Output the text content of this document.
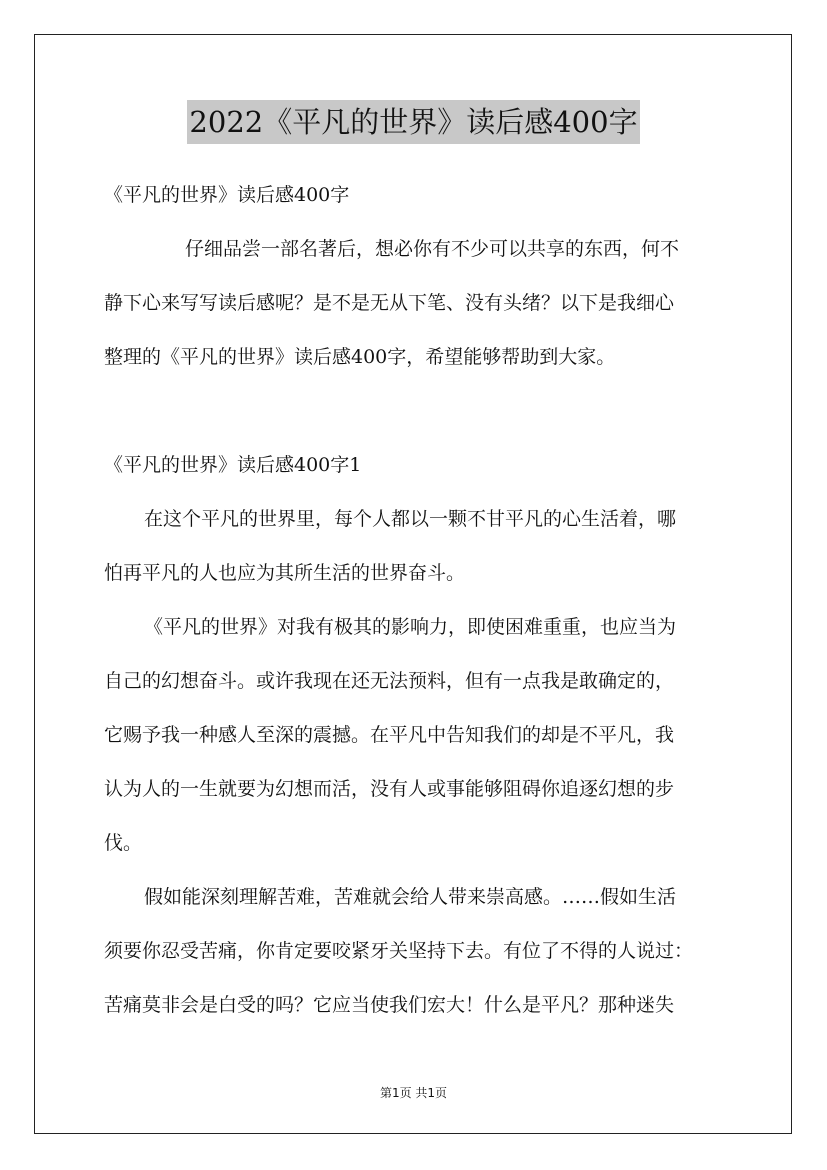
2022《平凡的世界》读后感400字
《平凡的世界》读后感400字
仔细品尝一部名著后，想必你有不少可以共享的东西，何不
静下心来写写读后感呢？是不是无从下笔、没有头绪？以下是我细心
整理的《平凡的世界》读后感400字，希望能够帮助到大家。
《平凡的世界》读后感400字1
在这个平凡的世界里，每个人都以一颗不甘平凡的心生活着，哪
怕再平凡的人也应为其所生活的世界奋斗。
《平凡的世界》对我有极其的影响力，即使困难重重，也应当为
自己的幻想奋斗。或许我现在还无法预料，但有一点我是敢确定的，
它赐予我一种感人至深的震撼。在平凡中告知我们的却是不平凡，我
认为人的一生就要为幻想而活，没有人或事能够阻碍你追逐幻想的步
伐。
假如能深刻理解苦难，苦难就会给人带来崇高感。……假如生活
须要你忍受苦痛，你肯定要咬紧牙关坚持下去。有位了不得的人说过：
苦痛莫非会是白受的吗？它应当使我们宏大！什么是平凡？那种迷失
第1页 共1页
